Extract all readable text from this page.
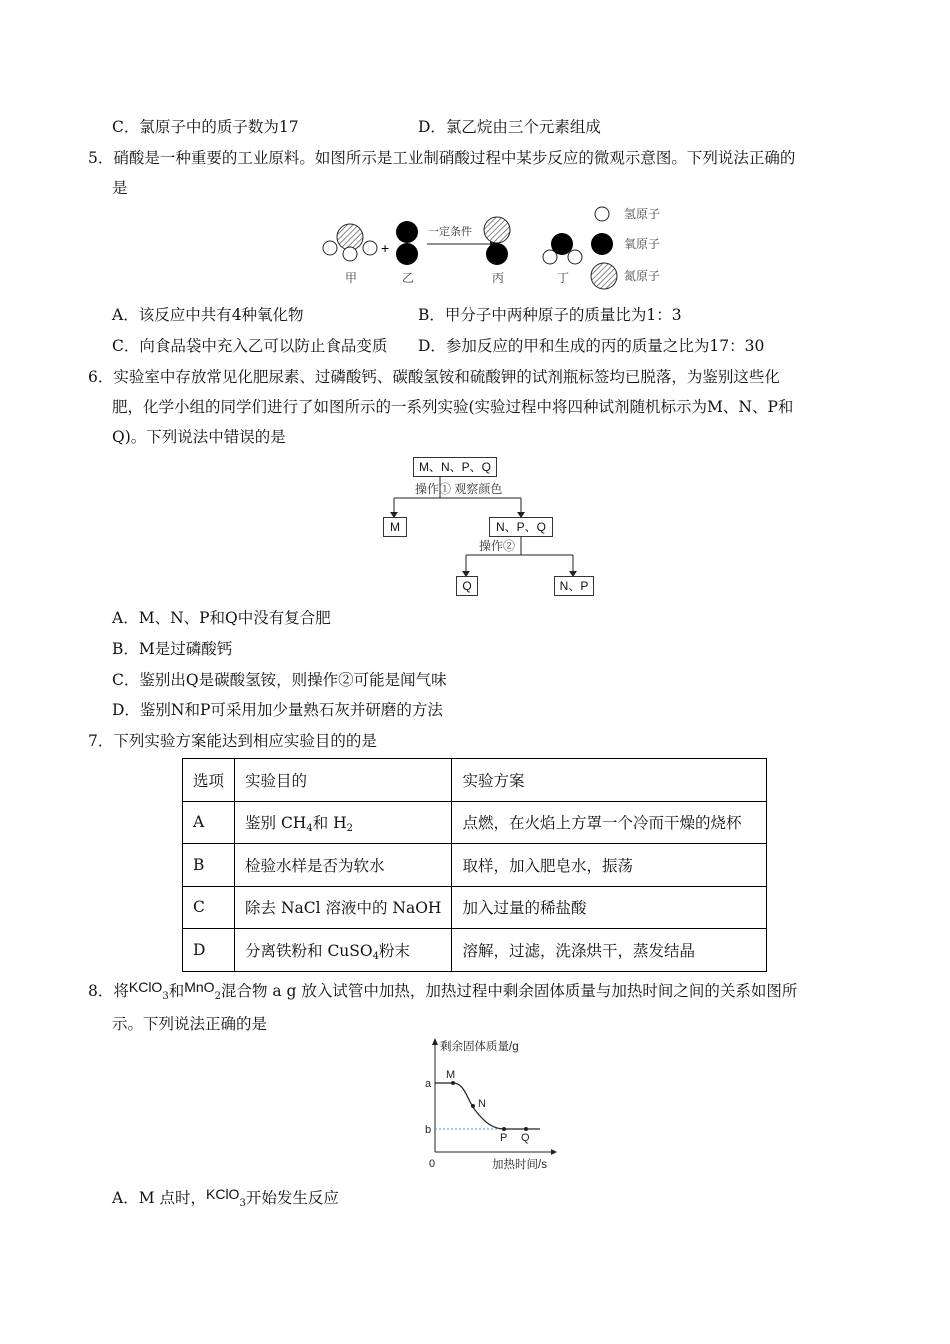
C．氯原子中的质子数为17	D．氯乙烷由三个元素组成
5．硝酸是一种重要的工业原料。如图所示是工业制硝酸过程中某步反应的微观示意图。下列说法正确的
是
+
一定条件
甲	乙	丙	丁
氢原子
氧原子
氮原子
A．该反应中共有4种氧化物	B．甲分子中两种原子的质量比为1：3
C．向食品袋中充入乙可以防止食品变质 D．参加反应的甲和生成的丙的质量之比为17：30
6．实验室中存放常见化肥尿素、过磷酸钙、碳酸氢铵和硫酸钾的试剂瓶标签均已脱落，为鉴别这些化
肥，化学小组的同学们进行了如图所示的一系列实验(实验过程中将四种试剂随机标示为M、N、P和
Q)。下列说法中错误的是
M、N、P、Q
操作① 观察颜色
M	N、P、Q
操作②
Q	N、P
A．M、N、P和Q中没有复合肥
B．M是过磷酸钙
C．鉴别出Q是碳酸氢铵，则操作②可能是闻气味
D．鉴别N和P可采用加少量熟石灰并研磨的方法
7．下列实验方案能达到相应实验目的的是
选项	实验目的	实验方案
A	鉴别 $CH_4$和 $H_2$	点燃，在火焰上方罩一个冷而干燥的烧杯
B	检验水样是否为软水	取样，加入肥皂水，振荡
C	除去 NaCl 溶液中的 NaOH	加入过量的稀盐酸
D	分离铁粉和 CuSO$_4$粉末	溶解，过滤，洗涤烘干，蒸发结晶
8．将KClO$_3$和MnO$_2$混合物 a g 放入试管中加热，加热过程中剩余固体质量与加热时间之间的关系如图所
示。下列说法正确的是
剩余固体质量/g
加热时间/s
0
a
b
M
N
P Q
A．M 点时，KClO$_3$开始发生反应
